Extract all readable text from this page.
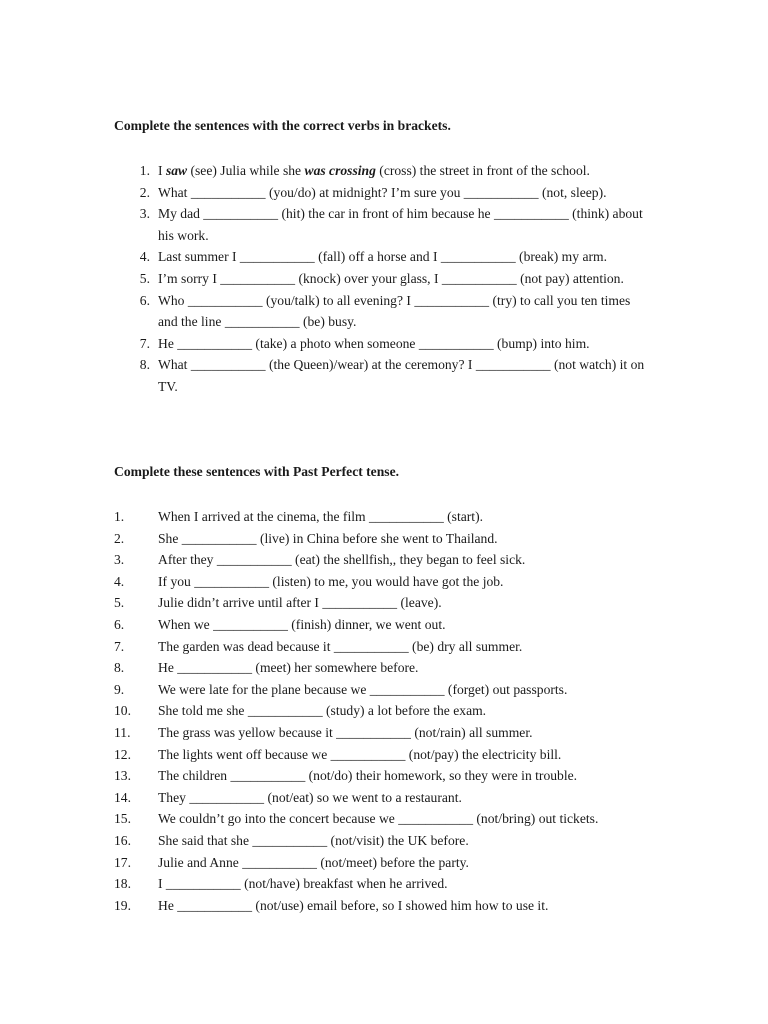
Complete the sentences with the correct verbs in brackets.

1. I saw (see) Julia while she was crossing (cross) the street in front of the school.
2. What ___________ (you/do) at midnight? I’m sure you ___________ (not, sleep).
3. My dad ___________ (hit) the car in front of him because he ___________ (think) about his work.
4. Last summer I ___________ (fall) off a horse and I ___________ (break) my arm.
5. I’m sorry I ___________ (knock) over your glass, I ___________ (not pay) attention.
6. Who ___________ (you/talk) to all evening? I ___________ (try) to call you ten times and the line ___________ (be) busy.
7. He ___________ (take) a photo when someone ___________ (bump) into him.
8. What ___________ (the Queen)/wear) at the ceremony? I ___________ (not watch) it on TV.

Complete these sentences with Past Perfect tense.

1.	When I arrived at the cinema, the film ___________ (start).
2.	She ___________ (live) in China before she went to Thailand.
3.	After they ___________ (eat) the shellfish,, they began to feel sick.
4.	If you ___________ (listen) to me, you would have got the job.
5.	Julie didn’t arrive until after I ___________ (leave).
6.	When we ___________ (finish) dinner, we went out.
7.	The garden was dead because it ___________ (be) dry all summer.
8.	He ___________ (meet) her somewhere before.
9.	We were late for the plane because we ___________ (forget) out passports.
10.	She told me she ___________ (study) a lot before the exam.
11.	The grass was yellow because it ___________ (not/rain) all summer.
12.	The lights went off because we ___________ (not/pay) the electricity bill.
13.	The children ___________ (not/do) their homework, so they were in trouble.
14.	They ___________ (not/eat) so we went to a restaurant.
15.	We couldn’t go into the concert because we ___________ (not/bring) out tickets.
16.	She said that she ___________ (not/visit) the UK before.
17.	Julie and Anne ___________ (not/meet) before the party.
18.	I ___________ (not/have) breakfast when he arrived.
19.	He ___________ (not/use) email before, so I showed him how to use it.
